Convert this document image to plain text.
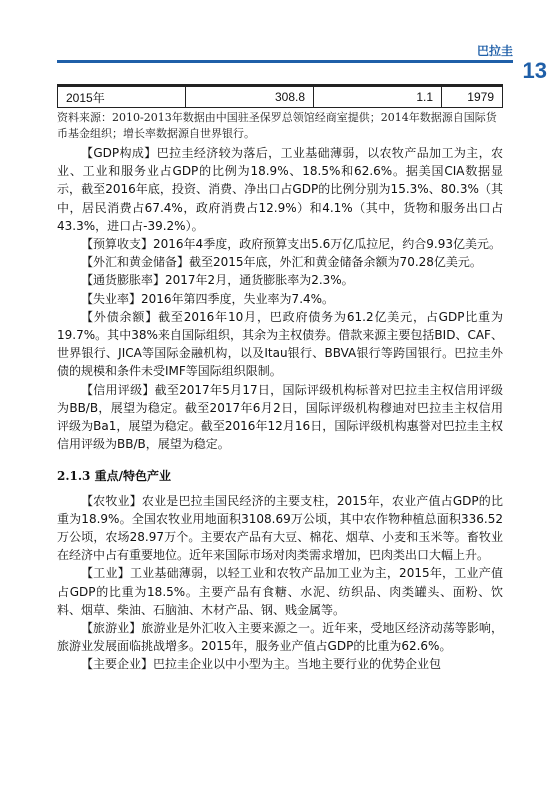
巴拉圭
13
2015年	308.8	1.1	1979
资料来源：2010-2013年数据由中国驻圣保罗总领馆经商室提供；2014年数据源自国际货币基金组织；增长率数据源自世界银行。

【GDP构成】巴拉圭经济较为落后，工业基础薄弱，以农牧产品加工为主，农业、工业和服务业占GDP的比例为18.9%、18.5%和62.6%。据美国CIA数据显示，截至2016年底，投资、消费、净出口占GDP的比例分别为15.3%、80.3%（其中，居民消费占67.4%，政府消费占12.9%）和4.1%（其中，货物和服务出口占43.3%，进口占-39.2%）。

【预算收支】2016年4季度，政府预算支出5.6万亿瓜拉尼，约合9.93亿美元。

【外汇和黄金储备】截至2015年底，外汇和黄金储备余额为70.28亿美元。

【通货膨胀率】2017年2月，通货膨胀率为2.3%。

【失业率】2016年第四季度，失业率为7.4%。

【外债余额】截至2016年10月，巴政府债务为61.2亿美元，占GDP比重为19.7%。其中38%来自国际组织，其余为主权债券。借款来源主要包括BID、CAF、世界银行、JICA等国际金融机构，以及Itau银行、BBVA银行等跨国银行。巴拉圭外债的规模和条件未受IMF等国际组织限制。

【信用评级】截至2017年5月17日，国际评级机构标普对巴拉圭主权信用评级为BB/B，展望为稳定。截至2017年6月2日，国际评级机构穆迪对巴拉圭主权信用评级为Ba1，展望为稳定。截至2016年12月16日，国际评级机构惠誉对巴拉圭主权信用评级为BB/B，展望为稳定。

2.1.3 重点/特色产业

【农牧业】农业是巴拉圭国民经济的主要支柱，2015年，农业产值占GDP的比重为18.9%。全国农牧业用地面积3108.69万公顷，其中农作物种植总面积336.52万公顷，农场28.97万个。主要农产品有大豆、棉花、烟草、小麦和玉米等。畜牧业在经济中占有重要地位。近年来国际市场对肉类需求增加，巴肉类出口大幅上升。

【工业】工业基础薄弱，以轻工业和农牧产品加工业为主，2015年，工业产值占GDP的比重为18.5%。主要产品有食糖、水泥、纺织品、肉类罐头、面粉、饮料、烟草、柴油、石脑油、木材产品、钢、贱金属等。

【旅游业】旅游业是外汇收入主要来源之一。近年来，受地区经济动荡等影响，旅游业发展面临挑战增多。2015年，服务业产值占GDP的比重为62.6%。

【主要企业】巴拉圭企业以中小型为主。当地主要行业的优势企业包
